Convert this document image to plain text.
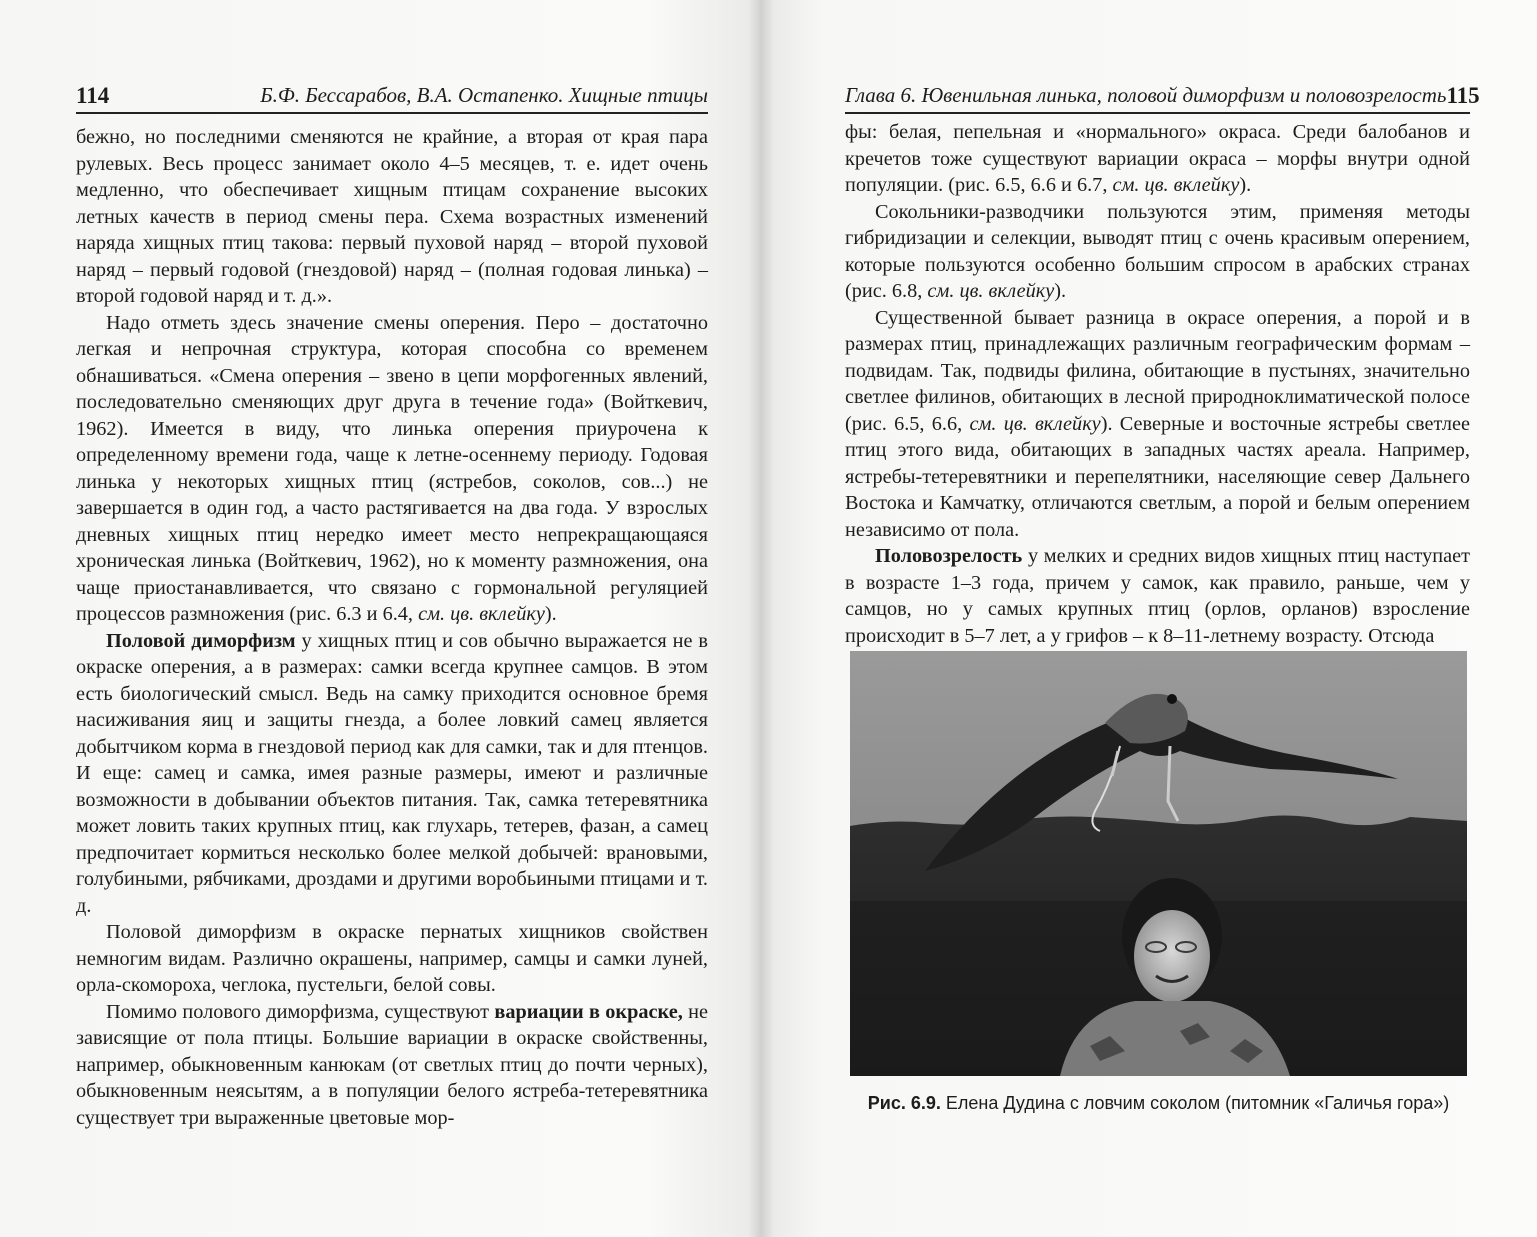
114	Б.Ф. Бессарабов, В.А. Остапенко. Хищные птицы	Глава 6. Ювенильная линька, половой диморфизм и половозрелость 115

бежно, но последними сменяются не крайние, а вторая от края пара рулевых. Весь процесс занимает около 4–5 месяцев, т. е. идет очень медленно, что обеспечивает хищным птицам сохранение высоких летных качеств в период смены пера. Схема возрастных изменений наряда хищных птиц такова: первый пуховой наряд – второй пуховой наряд – первый годовой (гнездовой) наряд – (полная годовая линька) – второй годовой наряд и т. д.».

Надо отметь здесь значение смены оперения. Перо – достаточно легкая и непрочная структура, которая способна со временем обнашиваться. «Смена оперения – звено в цепи морфогенных явлений, последовательно сменяющих друг друга в течение года» (Войткевич, 1962). Имеется в виду, что линька оперения приурочена к определенному времени года, чаще к летне-осеннему периоду. Годовая линька у некоторых хищных птиц (ястребов, соколов, сов...) не завершается в один год, а часто растягивается на два года. У взрослых дневных хищных птиц нередко имеет место непрекращающаяся хроническая линька (Войткевич, 1962), но к моменту размножения, она чаще приостанавливается, что связано с гормональной регуляцией процессов размножения (рис. 6.3 и 6.4, см. цв. вклейку).

Половой диморфизм у хищных птиц и сов обычно выражается не в окраске оперения, а в размерах: самки всегда крупнее самцов. В этом есть биологический смысл. Ведь на самку приходится основное бремя насиживания яиц и защиты гнезда, а более ловкий самец является добытчиком корма в гнездовой период как для самки, так и для птенцов. И еще: самец и самка, имея разные размеры, имеют и различные возможности в добывании объектов питания. Так, самка тетеревятника может ловить таких крупных птиц, как глухарь, тетерев, фазан, а самец предпочитает кормиться несколько более мелкой добычей: врановыми, голубиными, рябчиками, дроздами и другими воробьиными птицами и т. д.

Половой диморфизм в окраске пернатых хищников свойствен немногим видам. Различно окрашены, например, самцы и самки луней, орла-скомороха, чеглока, пустельги, белой совы.

Помимо полового диморфизма, существуют вариации в окраске, не зависящие от пола птицы. Большие вариации в окраске свойственны, например, обыкновенным канюкам (от светлых птиц до почти черных), обыкновенным неясытям, а в популяции белого ястреба-тетеревятника существует три выраженные цветовые мор-

фы: белая, пепельная и «нормального» окраса. Среди балобанов и кречетов тоже существуют вариации окраса – морфы внутри одной популяции. (рис. 6.5, 6.6 и 6.7, см. цв. вклейку).

Сокольники-разводчики пользуются этим, применяя методы гибридизации и селекции, выводят птиц с очень красивым оперением, которые пользуются особенно большим спросом в арабских странах (рис. 6.8, см. цв. вклейку).

Существенной бывает разница в окрасе оперения, а порой и в размерах птиц, принадлежащих различным географическим формам – подвидам. Так, подвиды филина, обитающие в пустынях, значительно светлее филинов, обитающих в лесной природноклиматической полосе (рис. 6.5, 6.6, см. цв. вклейку). Северные и восточные ястребы светлее птиц этого вида, обитающих в западных частях ареала. Например, ястребы-тетеревятники и перепелятники, населяющие север Дальнего Востока и Камчатку, отличаются светлым, а порой и белым оперением независимо от пола.

Половозрелость у мелких и средних видов хищных птиц наступает в возрасте 1–3 года, причем у самок, как правило, раньше, чем у самцов, но у самых крупных птиц (орлов, орланов) взросление происходит в 5–7 лет, а у грифов – к 8–11-летнему возрасту. Отсюда

Рис. 6.9. Елена Дудина с ловчим соколом (питомник «Галичья гора»)
